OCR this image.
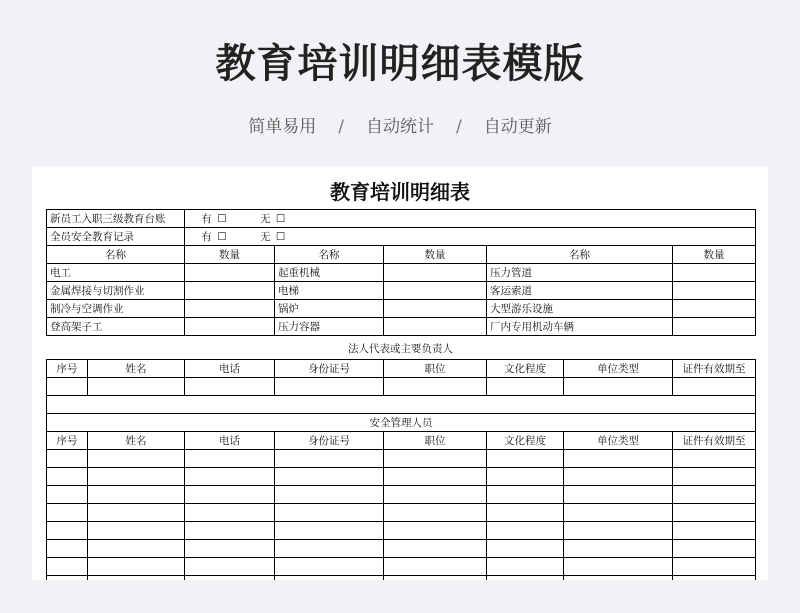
教育培训明细表模版
简单易用 / 自动统计 / 自动更新
教育培训明细表
新员工入职三级教育台账	有 ☐ 无 ☐				
全员安全教育记录	有 ☐ 无 ☐				
名称	数量	名称	数量	名称	数量
电工		起重机械		压力管道	
金属焊接与切割作业		电梯		客运索道	
制冷与空调作业		锅炉		大型游乐设施	
登高架子工		压力容器		厂内专用机动车辆	
法人代表或主要负责人
序号	姓名	电话	身份证号	职位	文化程度	单位类型	证件有效期至

安全管理人员							
序号	姓名	电话	身份证号	职位	文化程度	单位类型	证件有效期至
